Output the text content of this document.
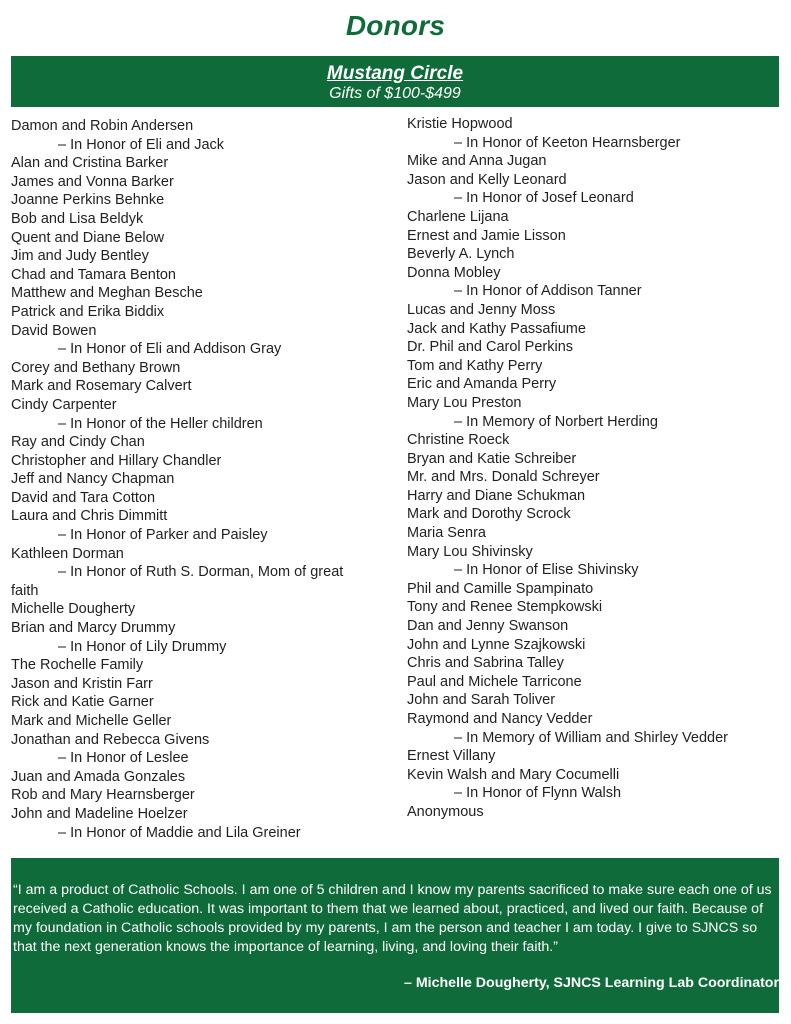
Donors
Mustang Circle
Gifts of $100-$499
Damon and Robin Andersen
– In Honor of Eli and Jack
Alan and Cristina Barker
James and Vonna Barker
Joanne Perkins Behnke
Bob and Lisa Beldyk
Quent and Diane Below
Jim and Judy Bentley
Chad and Tamara Benton
Matthew and Meghan Besche
Patrick and Erika Biddix
David Bowen
– In Honor of Eli and Addison Gray
Corey and Bethany Brown
Mark and Rosemary Calvert
Cindy Carpenter
– In Honor of the Heller children
Ray and Cindy Chan
Christopher and Hillary Chandler
Jeff and Nancy Chapman
David and Tara Cotton
Laura and Chris Dimmitt
– In Honor of Parker and Paisley
Kathleen Dorman
– In Honor of Ruth S. Dorman, Mom of great
faith
Michelle Dougherty
Brian and Marcy Drummy
– In Honor of Lily Drummy
The Rochelle Family
Jason and Kristin Farr
Rick and Katie Garner
Mark and Michelle Geller
Jonathan and Rebecca Givens
– In Honor of Leslee
Juan and Amada Gonzales
Rob and Mary Hearnsberger
John and Madeline Hoelzer
– In Honor of Maddie and Lila Greiner
Kristie Hopwood
– In Honor of Keeton Hearnsberger
Mike and Anna Jugan
Jason and Kelly Leonard
– In Honor of Josef Leonard
Charlene Lijana
Ernest and Jamie Lisson
Beverly A. Lynch
Donna Mobley
– In Honor of Addison Tanner
Lucas and Jenny Moss
Jack and Kathy Passafiume
Dr. Phil and Carol Perkins
Tom and Kathy Perry
Eric and Amanda Perry
Mary Lou Preston
– In Memory of Norbert Herding
Christine Roeck
Bryan and Katie Schreiber
Mr. and Mrs. Donald Schreyer
Harry and Diane Schukman
Mark and Dorothy Scrock
Maria Senra
Mary Lou Shivinsky
– In Honor of Elise Shivinsky
Phil and Camille Spampinato
Tony and Renee Stempkowski
Dan and Jenny Swanson
John and Lynne Szajkowski
Chris and Sabrina Talley
Paul and Michele Tarricone
John and Sarah Toliver
Raymond and Nancy Vedder
– In Memory of William and Shirley Vedder
Ernest Villany
Kevin Walsh and Mary Cocumelli
– In Honor of Flynn Walsh
Anonymous

“I am a product of Catholic Schools. I am one of 5 children and I know my parents sacrificed to make sure each one of us received a Catholic education. It was important to them that we learned about, practiced, and lived our faith. Because of my foundation in Catholic schools provided by my parents, I am the person and teacher I am today. I give to SJNCS so that the next generation knows the importance of learning, living, and loving their faith.”

– Michelle Dougherty, SJNCS Learning Lab Coordinator
